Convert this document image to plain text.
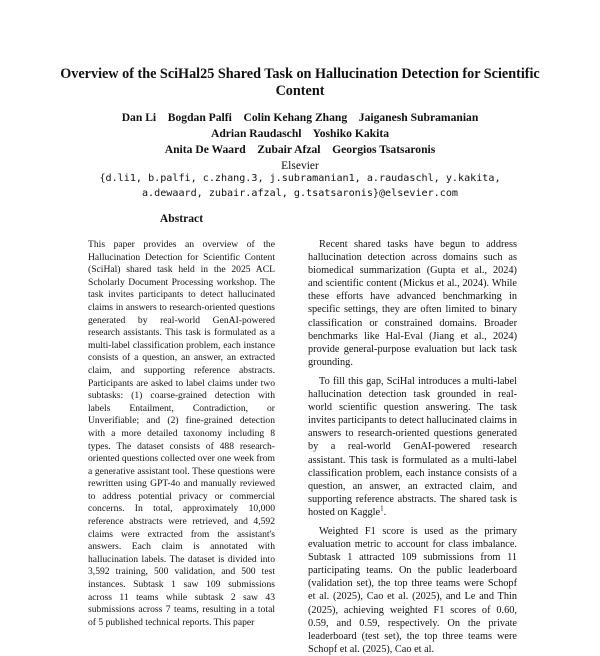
Overview of the SciHal25 Shared Task on Hallucination Detection for Scientific Content
Dan Li    Bogdan Palfi    Colin Kehang Zhang    Jaiganesh Subramanian
Adrian Raudaschl    Yoshiko Kakita
Anita De Waard    Zubair Afzal    Georgios Tsatsaronis
Elsevier
{d.li1, b.palfi, c.zhang.3, j.subramanian1, a.raudaschl, y.kakita,
a.dewaard, zubair.afzal, g.tsatsaronis}@elsevier.com
Abstract

This paper provides an overview of the Hallucination Detection for Scientific Content (SciHal) shared task held in the 2025 ACL Scholarly Document Processing workshop. The task invites participants to detect hallucinated claims in answers to research-oriented questions generated by real-world GenAI-powered research assistants. This task is formulated as a multi-label classification problem, each instance consists of a question, an answer, an extracted claim, and supporting reference abstracts. Participants are asked to label claims under two subtasks: (1) coarse-grained detection with labels Entailment, Contradiction, or Unverifiable; and (2) fine-grained detection with a more detailed taxonomy including 8 types. The dataset consists of 488 research-oriented questions collected over one week from a generative assistant tool. These questions were rewritten using GPT-4o and manually reviewed to address potential privacy or commercial concerns. In total, approximately 10,000 reference abstracts were retrieved, and 4,592 claims were extracted from the assistant's answers. Each claim is annotated with hallucination labels. The dataset is divided into 3,592 training, 500 validation, and 500 test instances. Subtask 1 saw 109 submissions across 11 teams while subtask 2 saw 43 submissions across 7 teams, resulting in a total of 5 published technical reports. This paper

Recent shared tasks have begun to address hallucination detection across domains such as biomedical summarization (Gupta et al., 2024) and scientific content (Mickus et al., 2024). While these efforts have advanced benchmarking in specific settings, they are often limited to binary classification or constrained domains. Broader benchmarks like Hal-Eval (Jiang et al., 2024) provide general-purpose evaluation but lack task grounding.

To fill this gap, SciHal introduces a multi-label hallucination detection task grounded in real-world scientific question answering. The task invites participants to detect hallucinated claims in answers to research-oriented questions generated by a real-world GenAI-powered research assistant. This task is formulated as a multi-label classification problem, each instance consists of a question, an answer, an extracted claim, and supporting reference abstracts. The shared task is hosted on Kaggle$^1$.

Weighted F1 score is used as the primary evaluation metric to account for class imbalance. Subtask 1 attracted 109 submissions from 11 participating teams. On the public leaderboard (validation set), the top three teams were Schopf et al. (2025), Cao et al. (2025), and Le and Thin (2025), achieving weighted F1 scores of 0.60, 0.59, and 0.59, respectively. On the private leaderboard (test set), the top three teams were Schopf et al. (2025), Cao et al.
